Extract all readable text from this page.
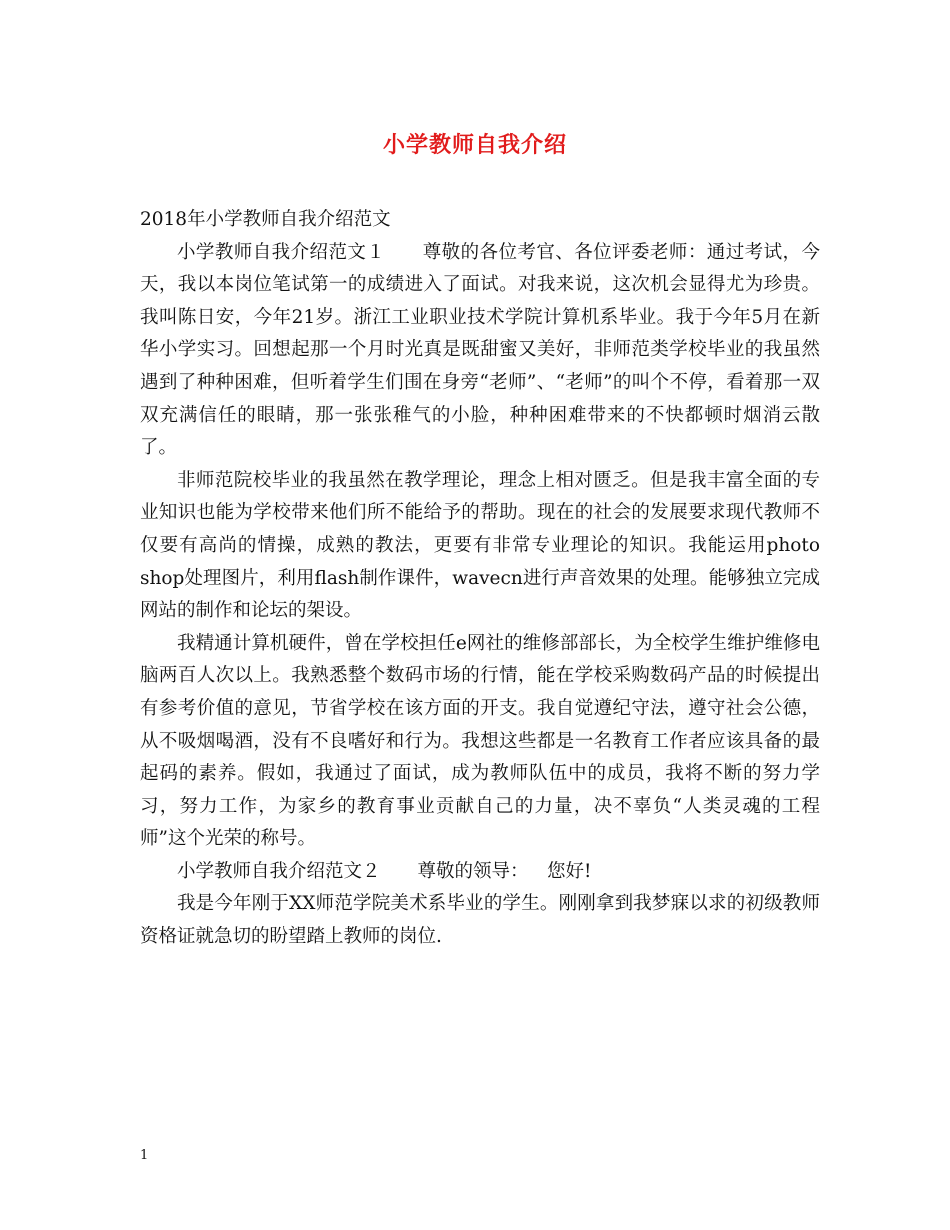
小学教师自我介绍

2018年小学教师自我介绍范文

小学教师自我介绍范文１ 尊敬的各位考官、各位评委老师：通过考试，今天，我以本岗位笔试第一的成绩进入了面试。对我来说，这次机会显得尤为珍贵。我叫陈日安，今年21岁。浙江工业职业技术学院计算机系毕业。我于今年5月在新华小学实习。回想起那一个月时光真是既甜蜜又美好，非师范类学校毕业的我虽然遇到了种种困难，但听着学生们围在身旁“老师”、“老师”的叫个不停，看着那一双双充满信任的眼睛，那一张张稚气的小脸，种种困难带来的不快都顿时烟消云散了。

非师范院校毕业的我虽然在教学理论，理念上相对匮乏。但是我丰富全面的专业知识也能为学校带来他们所不能给予的帮助。现在的社会的发展要求现代教师不仅要有高尚的情操，成熟的教法，更要有非常专业理论的知识。我能运用photo shop处理图片，利用flash制作课件，wavecn进行声音效果的处理。能够独立完成网站的制作和论坛的架设。

我精通计算机硬件，曾在学校担任e网社的维修部部长，为全校学生维护维修电脑两百人次以上。我熟悉整个数码市场的行情，能在学校采购数码产品的时候提出有参考价值的意见，节省学校在该方面的开支。我自觉遵纪守法，遵守社会公德，从不吸烟喝酒，没有不良嗜好和行为。我想这些都是一名教育工作者应该具备的最起码的素养。假如，我通过了面试，成为教师队伍中的成员，我将不断的努力学习，努力工作，为家乡的教育事业贡献自己的力量，决不辜负“人类灵魂的工程师”这个光荣的称号。

小学教师自我介绍范文２ 尊敬的领导： 您好!

我是今年刚于XX师范学院美术系毕业的学生。刚刚拿到我梦寐以求的初级教师资格证就急切的盼望踏上教师的岗位.

1
